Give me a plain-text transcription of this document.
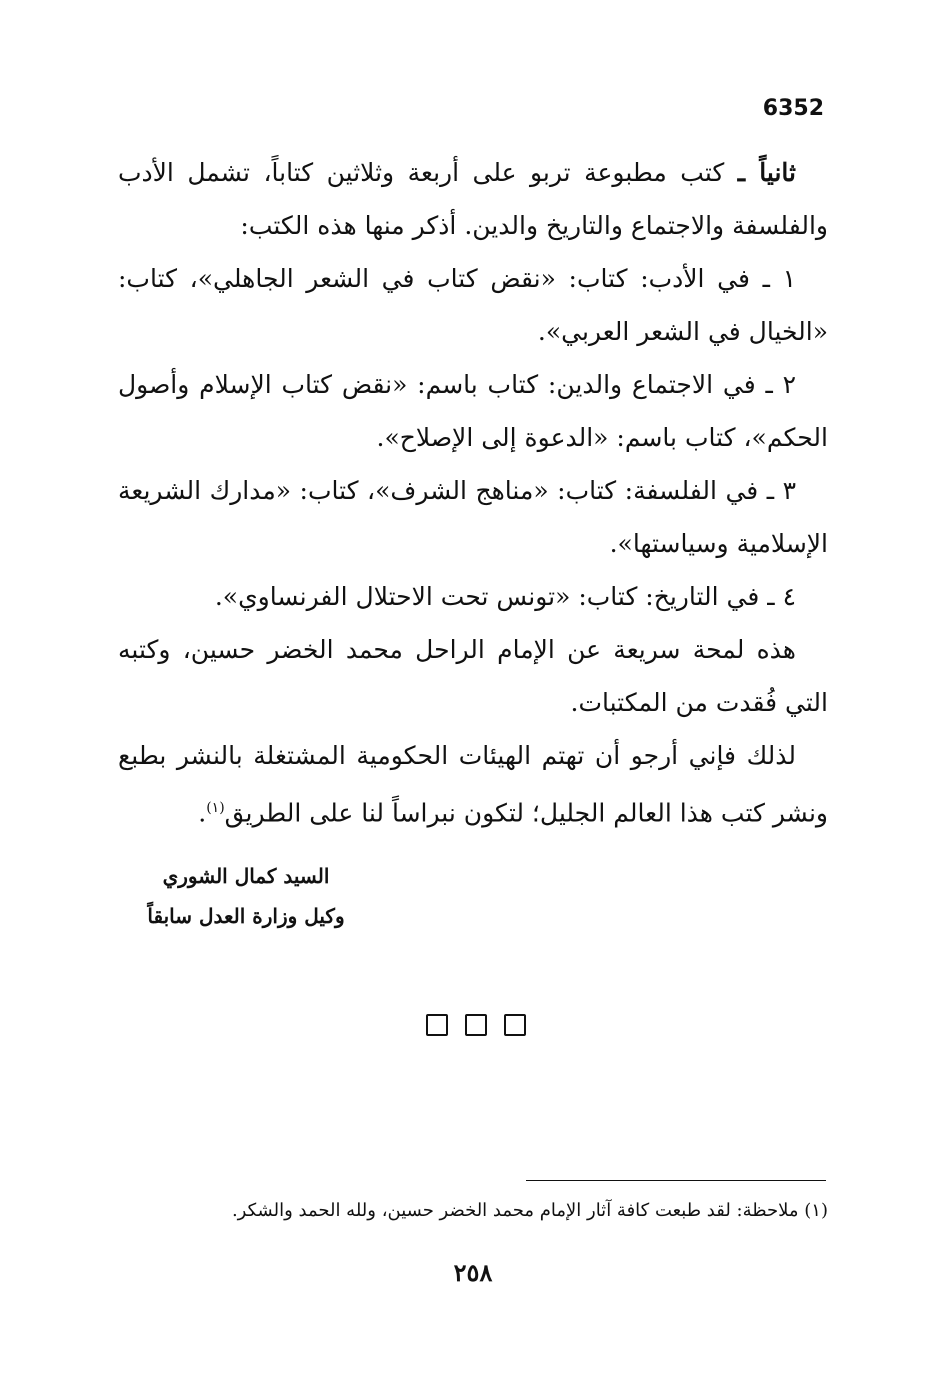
6352

ثانياً ـ كتب مطبوعة تربو على أربعة وثلاثين كتاباً، تشمل الأدب والفلسفة والاجتماع والتاريخ والدين. أذكر منها هذه الكتب:

١ ـ في الأدب: كتاب: «نقض كتاب في الشعر الجاهلي»، كتاب: «الخيال في الشعر العربي».

٢ ـ في الاجتماع والدين: كتاب باسم: «نقض كتاب الإسلام وأصول الحكم»، كتاب باسم: «الدعوة إلى الإصلاح».

٣ ـ في الفلسفة: كتاب: «مناهج الشرف»، كتاب: «مدارك الشريعة الإسلامية وسياستها».

٤ ـ في التاريخ: كتاب: «تونس تحت الاحتلال الفرنساوي».

هذه لمحة سريعة عن الإمام الراحل محمد الخضر حسين، وكتبه التي فُقدت من المكتبات.

لذلك فإني أرجو أن تهتم الهيئات الحكومية المشتغلة بالنشر بطبع ونشر كتب هذا العالم الجليل؛ لتكون نبراساً لنا على الطريق$^{(١)}$.

السيد كمال الشوري
وكيل وزارة العدل سابقاً
(١) ملاحظة: لقد طبعت كافة آثار الإمام محمد الخضر حسين، ولله الحمد والشكر.
٢٥٨
